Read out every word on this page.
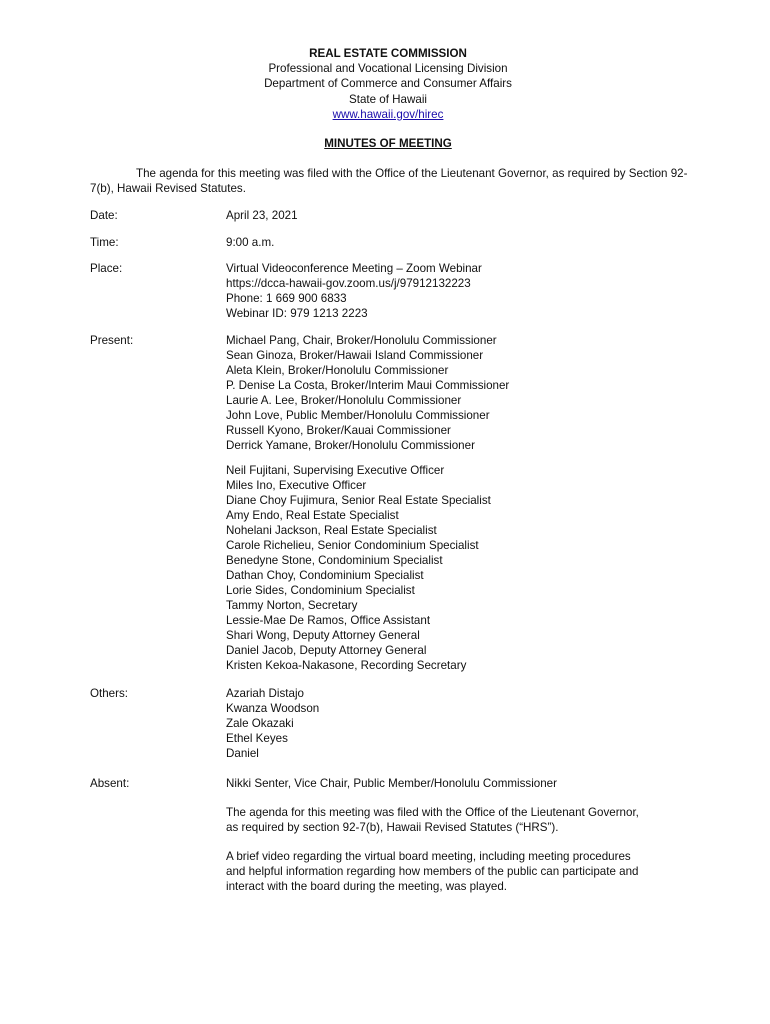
REAL ESTATE COMMISSION
Professional and Vocational Licensing Division
Department of Commerce and Consumer Affairs
State of Hawaii
www.hawaii.gov/hirec
MINUTES OF MEETING
The agenda for this meeting was filed with the Office of the Lieutenant Governor, as required by Section 92-7(b), Hawaii Revised Statutes.
Date:	April 23, 2021
Time:	9:00 a.m.
Place:	Virtual Videoconference Meeting – Zoom Webinar
https://dcca-hawaii-gov.zoom.us/j/97912132223
Phone: 1 669 900 6833
Webinar ID: 979 1213 2223
Present:	Michael Pang, Chair, Broker/Honolulu Commissioner
Sean Ginoza, Broker/Hawaii Island Commissioner
Aleta Klein, Broker/Honolulu Commissioner
P. Denise La Costa, Broker/Interim Maui Commissioner
Laurie A. Lee, Broker/Honolulu Commissioner
John Love, Public Member/Honolulu Commissioner
Russell Kyono, Broker/Kauai Commissioner
Derrick Yamane, Broker/Honolulu Commissioner
Neil Fujitani, Supervising Executive Officer
Miles Ino, Executive Officer
Diane Choy Fujimura, Senior Real Estate Specialist
Amy Endo, Real Estate Specialist
Nohelani Jackson, Real Estate Specialist
Carole Richelieu, Senior Condominium Specialist
Benedyne Stone, Condominium Specialist
Dathan Choy, Condominium Specialist
Lorie Sides, Condominium Specialist
Tammy Norton, Secretary
Lessie-Mae De Ramos, Office Assistant
Shari Wong, Deputy Attorney General
Daniel Jacob, Deputy Attorney General
Kristen Kekoa-Nakasone, Recording Secretary
Others:	Azariah Distajo
Kwanza Woodson
Zale Okazaki
Ethel Keyes
Daniel
Absent:	Nikki Senter, Vice Chair, Public Member/Honolulu Commissioner
The agenda for this meeting was filed with the Office of the Lieutenant Governor,
as required by section 92-7(b), Hawaii Revised Statutes (“HRS”).
A brief video regarding the virtual board meeting, including meeting procedures
and helpful information regarding how members of the public can participate and
interact with the board during the meeting, was played.
